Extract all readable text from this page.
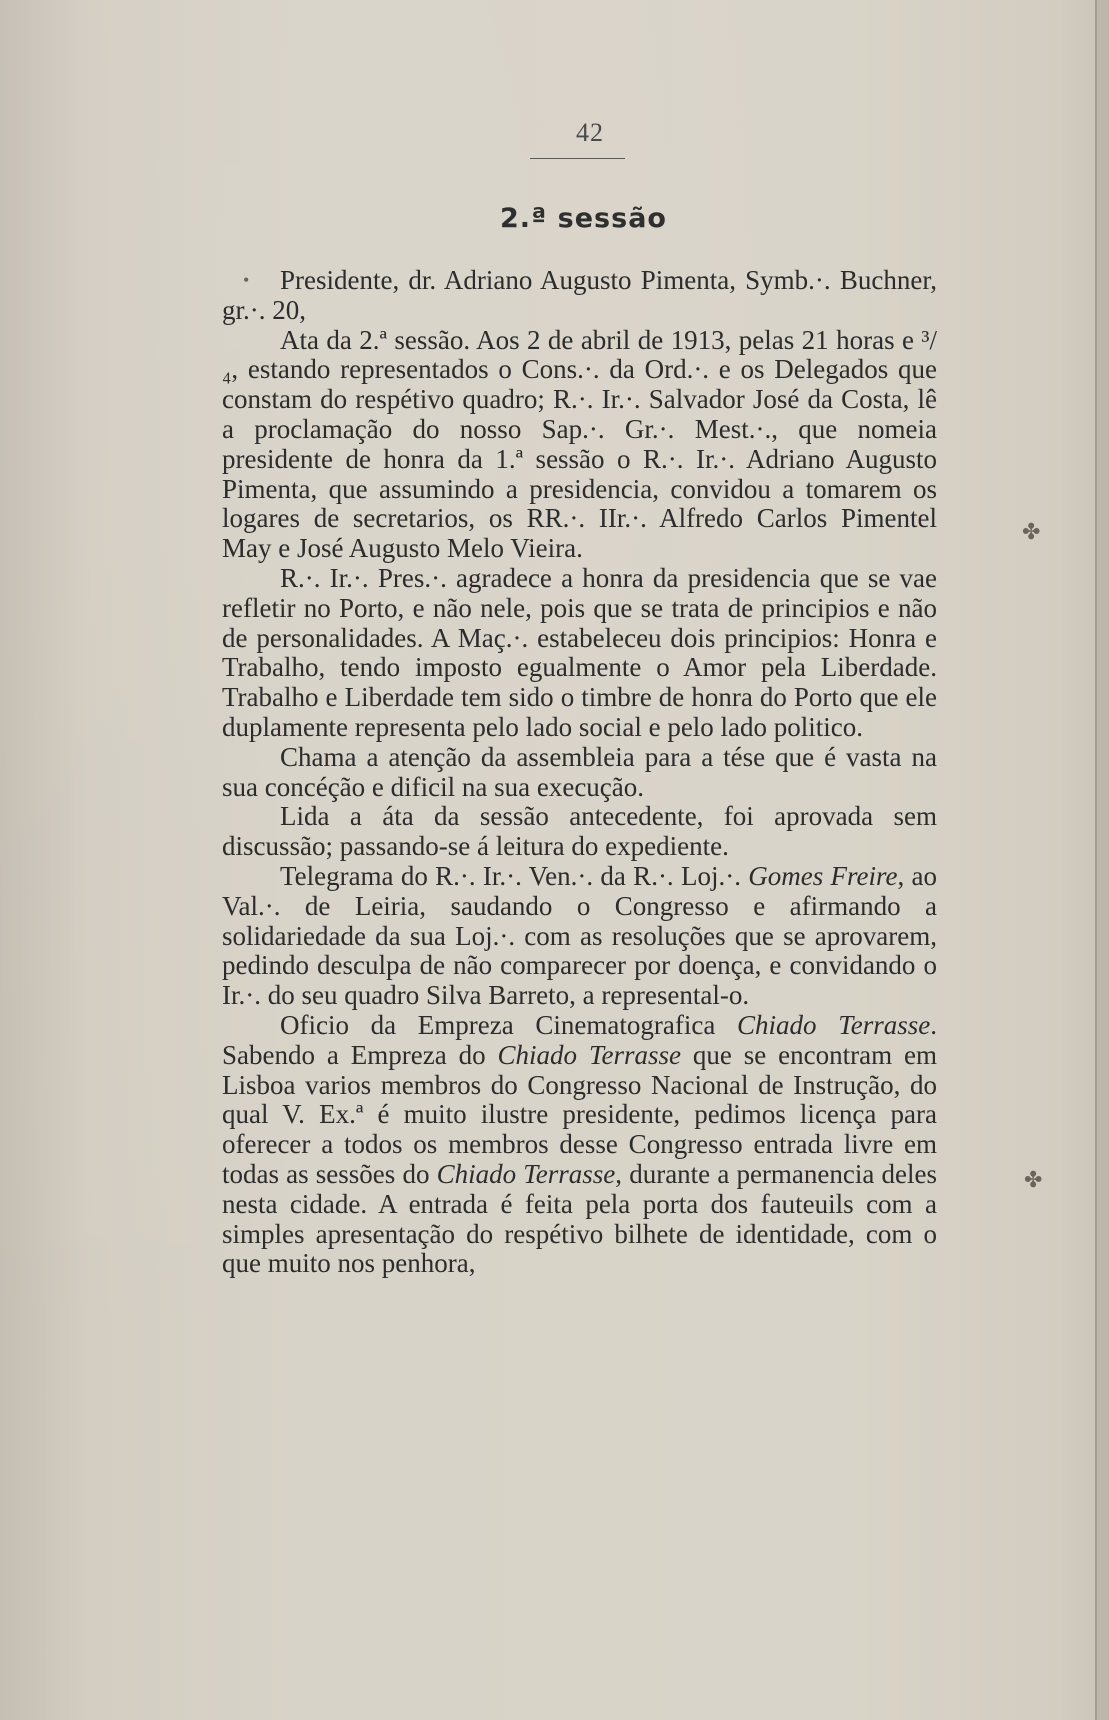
42
2.ª sessão
•
✤
✤

Presidente, dr. Adriano Augusto Pimenta, Symb.·. Buchner, gr.·. 20,

Ata da 2.ª sessão. Aos 2 de abril de 1913, pelas 21 horas e ³/₄, estando representados o Cons.·. da Ord.·. e os Delegados que constam do respétivo quadro; R.·. Ir.·. Salvador José da Costa, lê a proclamação do nosso Sap.·. Gr.·. Mest.·., que nomeia presidente de honra da 1.ª sessão o R.·. Ir.·. Adriano Augusto Pimenta, que assumindo a presidencia, convidou a tomarem os logares de secretarios, os RR.·. IIr.·. Alfredo Carlos Pimentel May e José Augusto Melo Vieira.

R.·. Ir.·. Pres.·. agradece a honra da presidencia que se vae refletir no Porto, e não nele, pois que se trata de principios e não de personalidades. A Maç.·. estabeleceu dois principios: Honra e Trabalho, tendo imposto egualmente o Amor pela Liberdade. Trabalho e Liberdade tem sido o timbre de honra do Porto que ele duplamente representa pelo lado social e pelo lado politico.

Chama a atenção da assembleia para a tése que é vasta na sua concéção e dificil na sua execução.

Lida a áta da sessão antecedente, foi aprovada sem discussão; passando-se á leitura do expediente.

Telegrama do R.·. Ir.·. Ven.·. da R.·. Loj.·. Gomes Freire, ao Val.·. de Leiria, saudando o Congresso e afirmando a solidariedade da sua Loj.·. com as resoluções que se aprovarem, pedindo desculpa de não comparecer por doença, e convidando o Ir.·. do seu quadro Silva Barreto, a represental-o.

Oficio da Empreza Cinematografica Chiado Terrasse. Sabendo a Empreza do Chiado Terrasse que se encontram em Lisboa varios membros do Congresso Nacional de Instrução, do qual V. Ex.ª é muito ilustre presidente, pedimos licença para oferecer a todos os membros desse Congresso entrada livre em todas as sessões do Chiado Terrasse, durante a permanencia deles nesta cidade. A entrada é feita pela porta dos fauteuils com a simples apresentação do respétivo bilhete de identidade, com o que muito nos penhora,
